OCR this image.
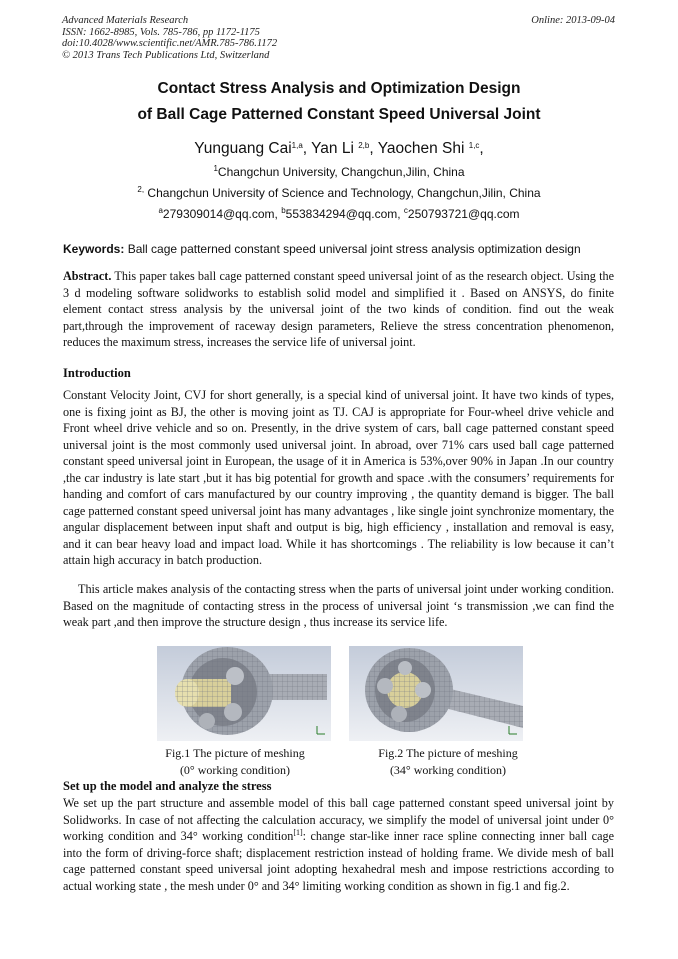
Advanced Materials Research
ISSN: 1662-8985, Vols. 785-786, pp 1172-1175
doi:10.4028/www.scientific.net/AMR.785-786.1172
© 2013 Trans Tech Publications Ltd, Switzerland
Online: 2013-09-04
Contact Stress Analysis and Optimization Design
of Ball Cage Patterned Constant Speed Universal Joint
Yunguang Cai$^{1,a}$, Yan Li $^{2,b}$, Yaochen Shi $^{1,c}$,
$^1$Changchun University, Changchun,Jilin, China
$^{2,}$ Changchun University of Science and Technology, Changchun,Jilin, China
$^a$279309014@qq.com, $^b$553834294@qq.com, $^c$250793721@qq.com
Keywords: Ball cage patterned constant speed universal joint stress analysis optimization design

Abstract. This paper takes ball cage patterned constant speed universal joint of as the research object. Using the 3 d modeling software solidworks to establish solid model and simplified it . Based on ANSYS, do finite element contact stress analysis by the universal joint of the two kinds of condition. find out the weak part,through the improvement of raceway design parameters, Relieve the stress concentration phenomenon, reduces the maximum stress, increases the service life of universal joint.

Introduction

Constant Velocity Joint, CVJ for short generally, is a special kind of universal joint. It have two kinds of types, one is fixing joint as BJ, the other is moving joint as TJ. CAJ is appropriate for Four-wheel drive vehicle and Front wheel drive vehicle and so on. Presently, in the drive system of cars, ball cage patterned constant speed universal joint is the most commonly used universal joint. In abroad, over 71% cars used ball cage patterned constant speed universal joint in European, the usage of it in America is 53%,over 90% in Japan .In our country ,the car industry is late start ,but it has big potential for growth and space .with the consumers’ requirements for handing and comfort of cars manufactured by our country improving , the quantity demand is bigger. The ball cage patterned constant speed universal joint has many advantages , like single joint synchronize momentary, the angular displacement between input shaft and output is big, high efficiency , installation and removal is easy, and it can bear heavy load and impact load. While it has shortcomings . The reliability is low because it can’t attain high accuracy in batch production.

This article makes analysis of the contacting stress when the parts of universal joint under working condition. Based on the magnitude of contacting stress in the process of universal joint ‘s transmission ,we can find the weak part ,and then improve the structure design , thus increase its service life.

Fig.1 The picture of meshing
(0° working condition)
Fig.2 The picture of meshing
(34° working condition)
Set up the model and analyze the stress

We set up the part structure and assemble model of this ball cage patterned constant speed universal joint by Solidworks. In case of not affecting the calculation accuracy, we simplify the model of universal joint under 0° working condition and 34° working condition[1]: change star-like inner race spline connecting inner ball cage into the form of driving-force shaft; displacement restriction instead of holding frame. We divide mesh of ball cage patterned constant speed universal joint adopting hexahedral mesh and impose restrictions according to actual working state , the mesh under 0° and 34° limiting working condition as shown in fig.1 and fig.2.
